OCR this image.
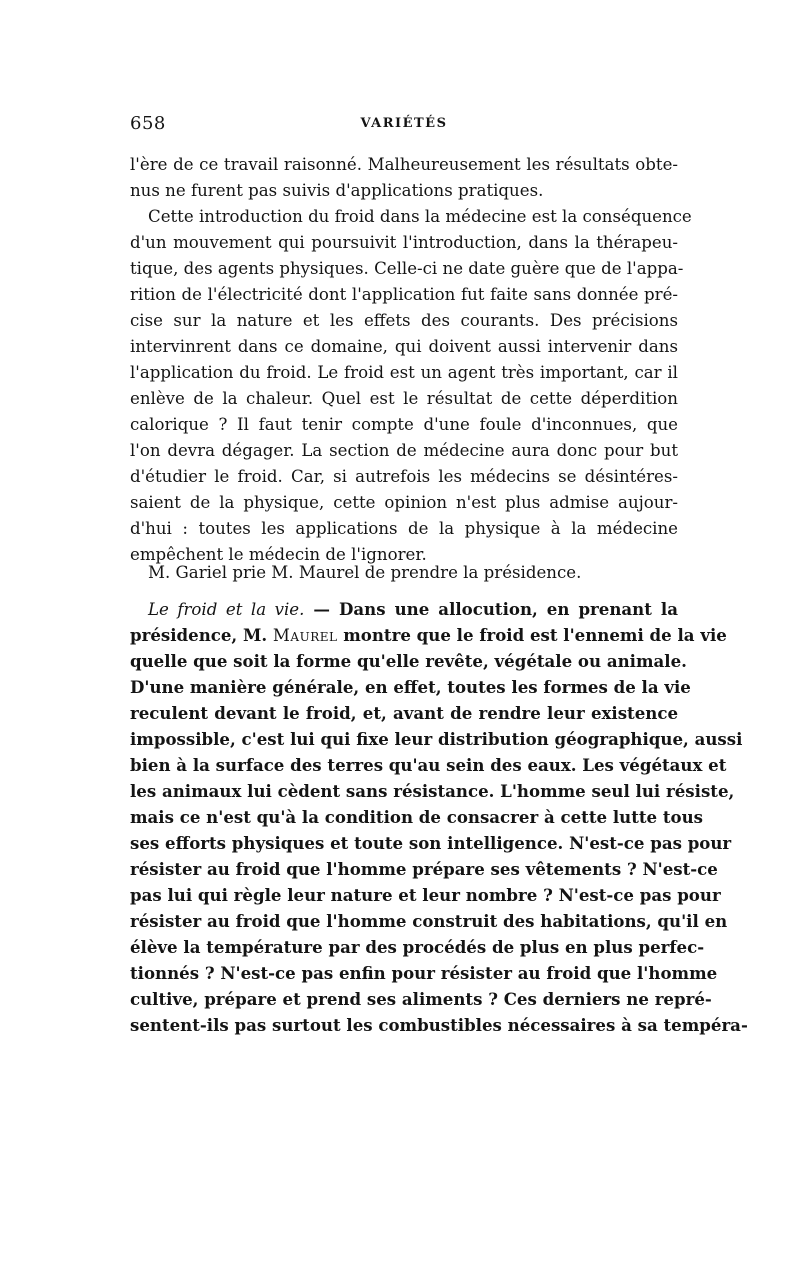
658	VARIÉTÉS
l'ère de ce travail raisonné. Malheureusement les résultats obte-
nus ne furent pas suivis d'applications pratiques.
Cette introduction du froid dans la médecine est la conséquence
d'un mouvement qui poursuivit l'introduction, dans la thérapeu-
tique, des agents physiques. Celle-ci ne date guère que de l'appa-
rition de l'électricité dont l'application fut faite sans donnée pré-
cise sur la nature et les effets des courants. Des précisions
intervinrent dans ce domaine, qui doivent aussi intervenir dans
l'application du froid. Le froid est un agent très important, car il
enlève de la chaleur. Quel est le résultat de cette déperdition
calorique ? Il faut tenir compte d'une foule d'inconnues, que
l'on devra dégager. La section de médecine aura donc pour but
d'étudier le froid. Car, si autrefois les médecins se désintéres-
saient de la physique, cette opinion n'est plus admise aujour-
d'hui : toutes les applications de la physique à la médecine
empêchent le médecin de l'ignorer.
M. Gariel prie M. Maurel de prendre la présidence.
Le froid et la vie. — Dans une allocution, en prenant la
présidence, M. Maurel montre que le froid est l'ennemi de la vie
quelle que soit la forme qu'elle revête, végétale ou animale.
D'une manière générale, en effet, toutes les formes de la vie
reculent devant le froid, et, avant de rendre leur existence
impossible, c'est lui qui fixe leur distribution géographique, aussi
bien à la surface des terres qu'au sein des eaux. Les végétaux et
les animaux lui cèdent sans résistance. L'homme seul lui résiste,
mais ce n'est qu'à la condition de consacrer à cette lutte tous
ses efforts physiques et toute son intelligence. N'est-ce pas pour
résister au froid que l'homme prépare ses vêtements ? N'est-ce
pas lui qui règle leur nature et leur nombre ? N'est-ce pas pour
résister au froid que l'homme construit des habitations, qu'il en
élève la température par des procédés de plus en plus perfec-
tionnés ? N'est-ce pas enfin pour résister au froid que l'homme
cultive, prépare et prend ses aliments ? Ces derniers ne repré-
sentent-ils pas surtout les combustibles nécessaires à sa tempéra-
